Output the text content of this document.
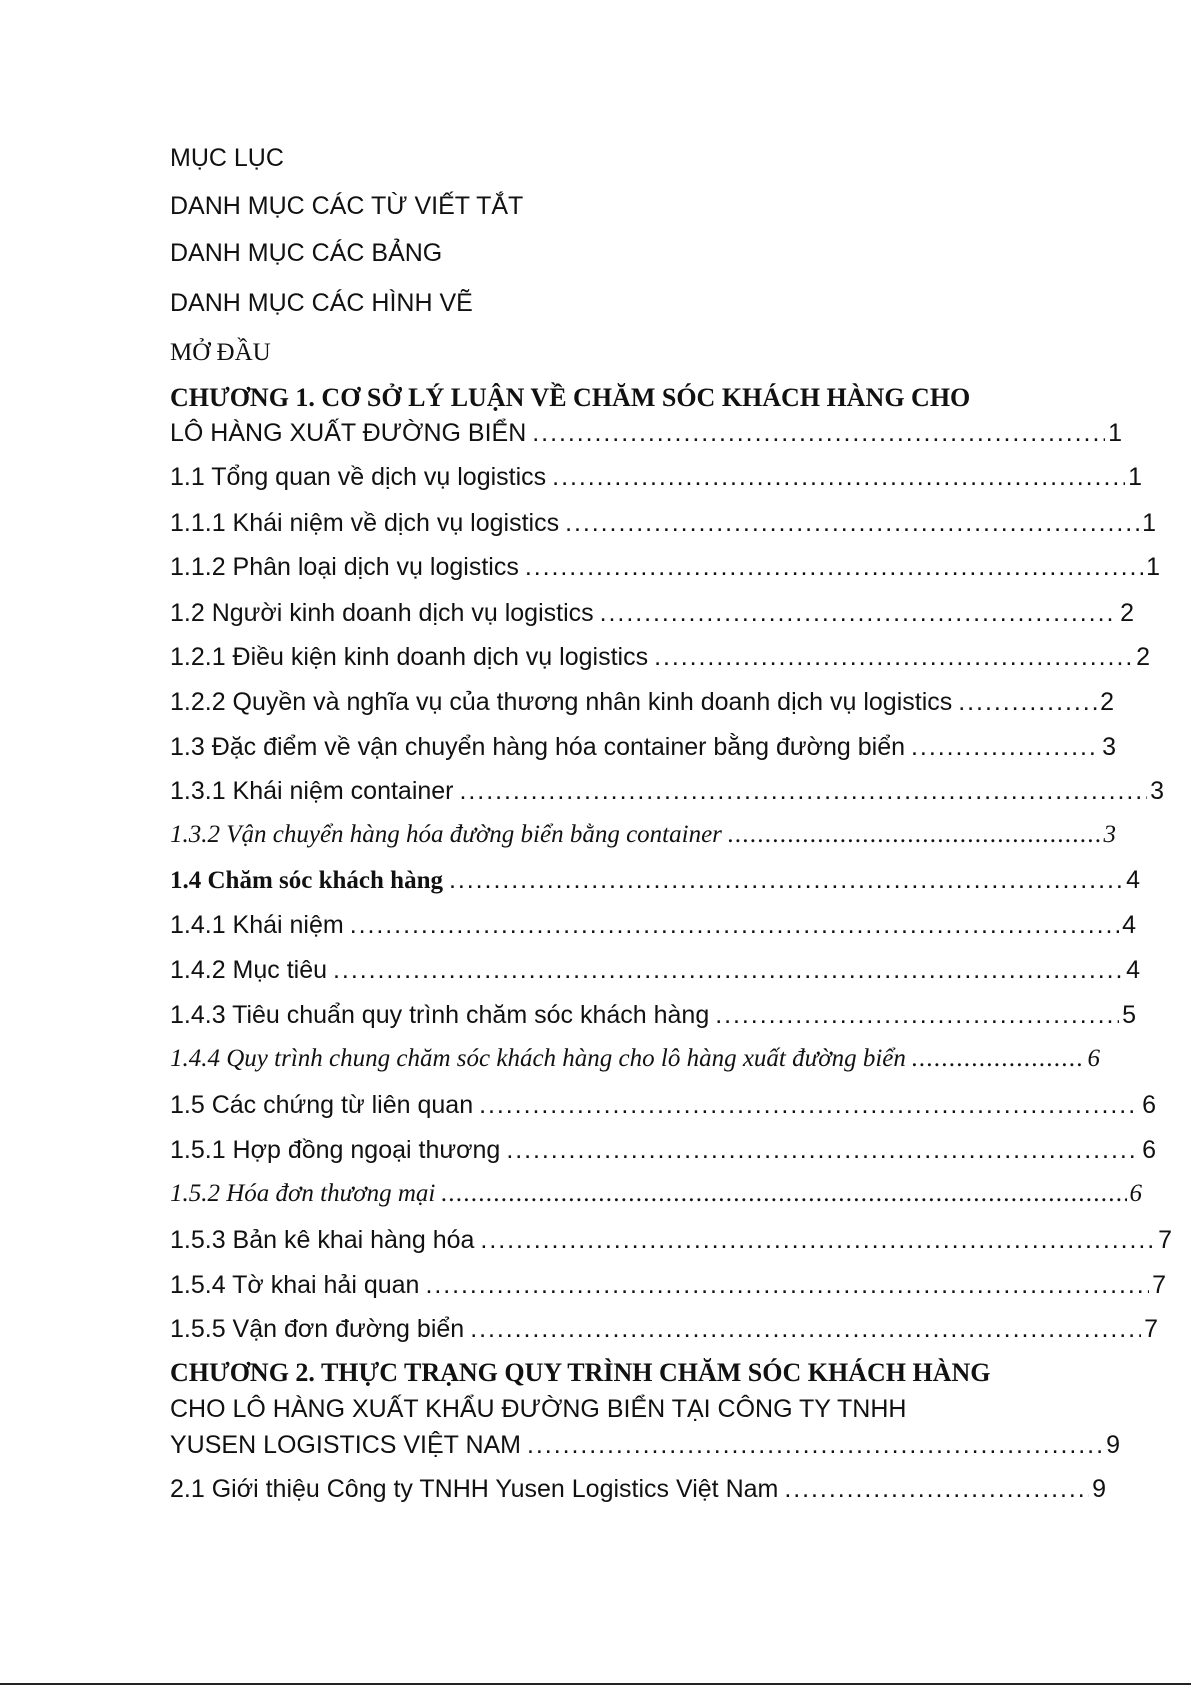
MỤC LỤC
DANH MỤC CÁC TỪ VIẾT TẮT
DANH MỤC CÁC BẢNG
DANH MỤC CÁC HÌNH VẼ
MỞ ĐẦU
CHƯƠNG 1. CƠ SỞ LÝ LUẬN VỀ CHĂM SÓC KHÁCH HÀNG CHO
LÔ HÀNG XUẤT ĐƯỜNG BIỂN . . .	1
1.1 Tổng quan về dịch vụ logistics . . .	1
1.1.1 Khái niệm về dịch vụ logistics . . .	1
1.1.2 Phân loại dịch vụ logistics . . .	1
1.2 Người kinh doanh dịch vụ logistics . . .	2
1.2.1 Điều kiện kinh doanh dịch vụ logistics . . .	2
1.2.2 Quyền và nghĩa vụ của thương nhân kinh doanh dịch vụ logistics . . .	2
1.3 Đặc điểm về vận chuyển hàng hóa container bằng đường biển . . .	3
1.3.1 Khái niệm container . . .	3
1.3.2 Vận chuyển hàng hóa đường biển bằng container . . .	3
1.4 Chăm sóc khách hàng . . .	4
1.4.1 Khái niệm . . .	4
1.4.2 Mục tiêu . . .	4
1.4.3 Tiêu chuẩn quy trình chăm sóc khách hàng . . .	5
1.4.4 Quy trình chung chăm sóc khách hàng cho lô hàng xuất đường biển . . .	6
1.5 Các chứng từ liên quan . . .	6
1.5.1 Hợp đồng ngoại thương . . .	6
1.5.2 Hóa đơn thương mại . . .	6
1.5.3 Bản kê khai hàng hóa . . .	7
1.5.4 Tờ khai hải quan . . .	7
1.5.5 Vận đơn đường biển . . .	7
CHƯƠNG 2. THỰC TRẠNG QUY TRÌNH CHĂM SÓC KHÁCH HÀNG
CHO LÔ HÀNG XUẤT KHẨU ĐƯỜNG BIỂN TẠI CÔNG TY TNHH
YUSEN LOGISTICS VIỆT NAM . . .	9
2.1 Giới thiệu Công ty TNHH Yusen Logistics Việt Nam . . .	9
